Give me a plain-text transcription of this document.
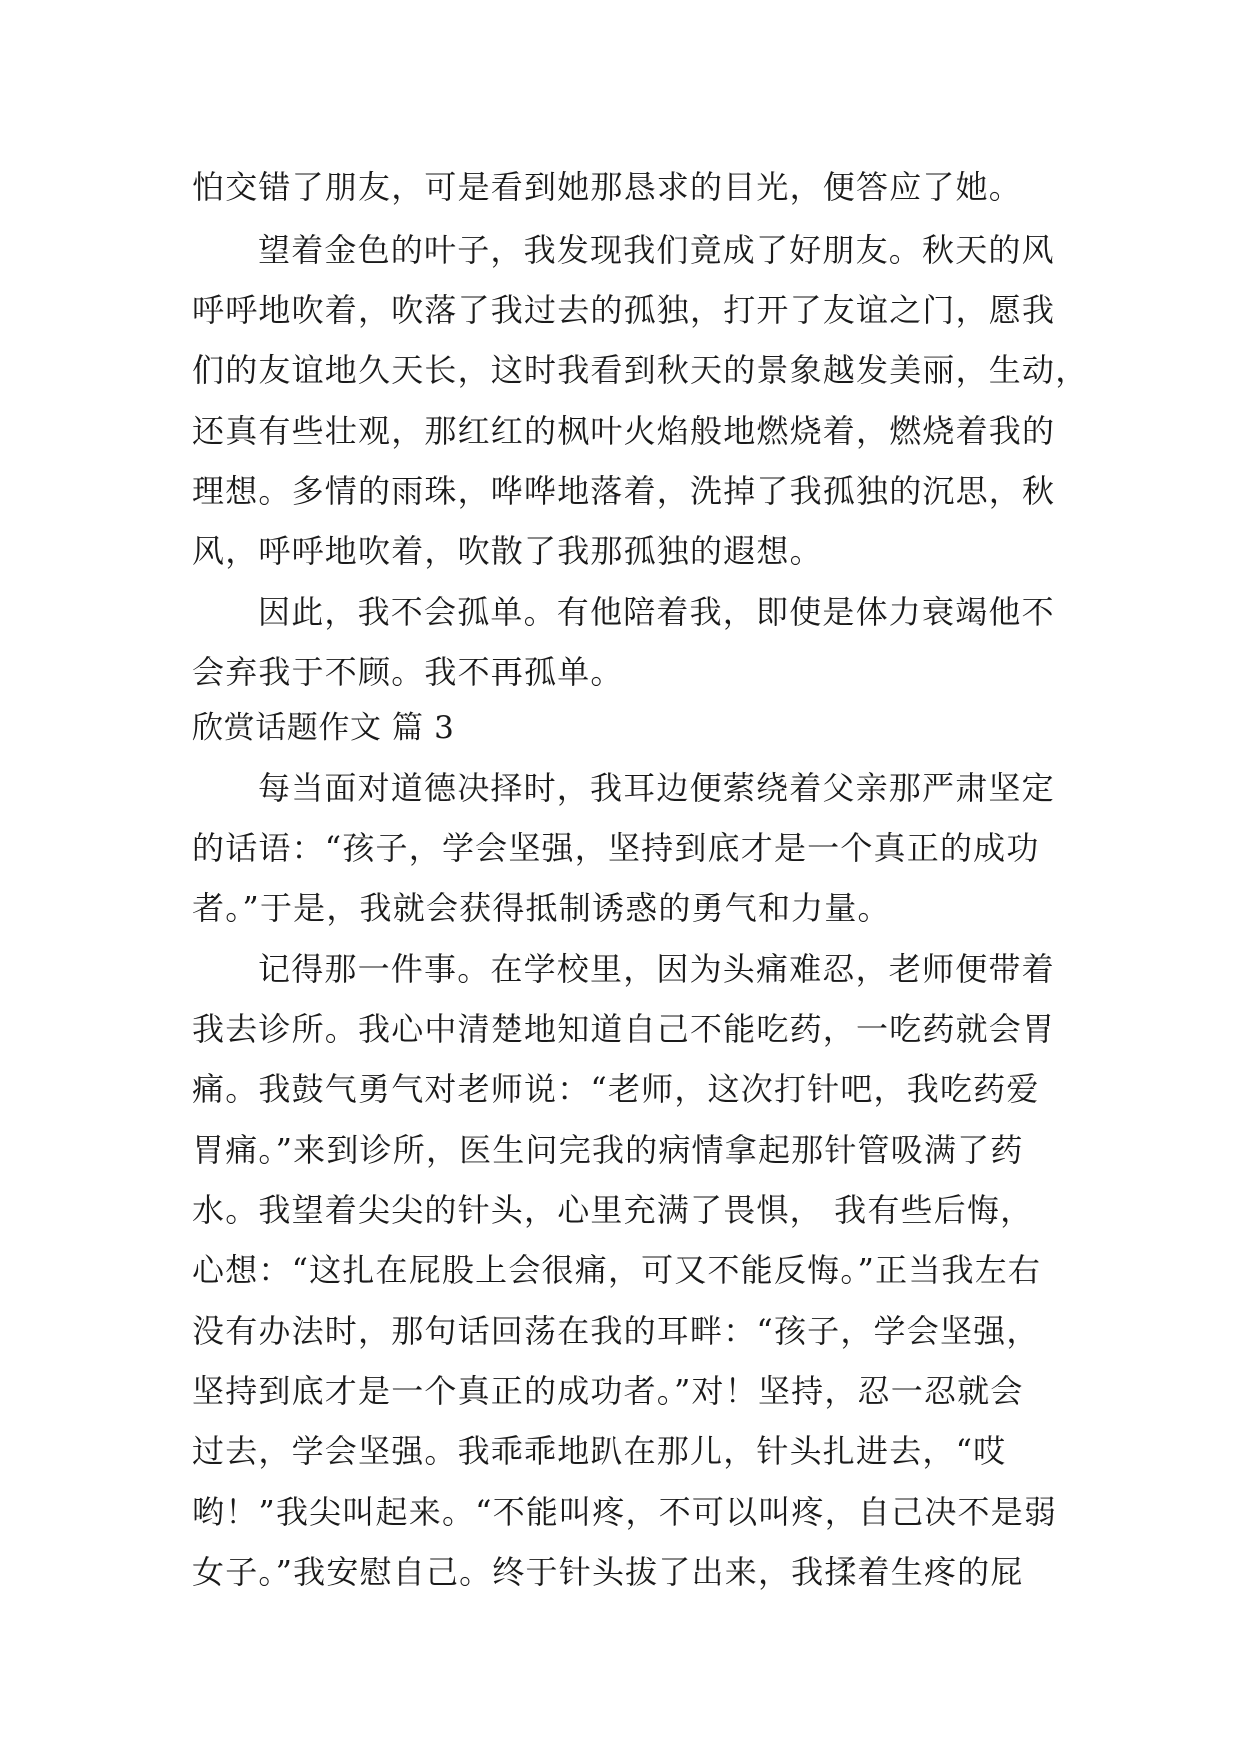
怕交错了朋友，可是看到她那恳求的目光，便答应了她。
望着金色的叶子，我发现我们竟成了好朋友。秋天的风
呼呼地吹着，吹落了我过去的孤独，打开了友谊之门，愿我
们的友谊地久天长，这时我看到秋天的景象越发美丽，生动，
还真有些壮观，那红红的枫叶火焰般地燃烧着，燃烧着我的
理想。多情的雨珠，哗哗地落着，洗掉了我孤独的沉思，秋
风，呼呼地吹着，吹散了我那孤独的遐想。
因此，我不会孤单。有他陪着我，即使是体力衰竭他不
会弃我于不顾。我不再孤单。
欣赏话题作文 篇 3
每当面对道德决择时，我耳边便萦绕着父亲那严肃坚定
的话语：“孩子，学会坚强，坚持到底才是一个真正的成功
者。”于是，我就会获得抵制诱惑的勇气和力量。
记得那一件事。在学校里，因为头痛难忍，老师便带着
我去诊所。我心中清楚地知道自己不能吃药，一吃药就会胃
痛。我鼓气勇气对老师说：“老师，这次打针吧，我吃药爱
胃痛。”来到诊所，医生问完我的病情拿起那针管吸满了药
水。我望着尖尖的针头，心里充满了畏惧， 我有些后悔，
心想：“这扎在屁股上会很痛，可又不能反悔。”正当我左右
没有办法时，那句话回荡在我的耳畔：“孩子，学会坚强，
坚持到底才是一个真正的成功者。”对！坚持，忍一忍就会
过去，学会坚强。我乖乖地趴在那儿，针头扎进去，“哎
哟！”我尖叫起来。“不能叫疼，不可以叫疼，自己决不是弱
女子。”我安慰自己。终于针头拔了出来，我揉着生疼的屁
